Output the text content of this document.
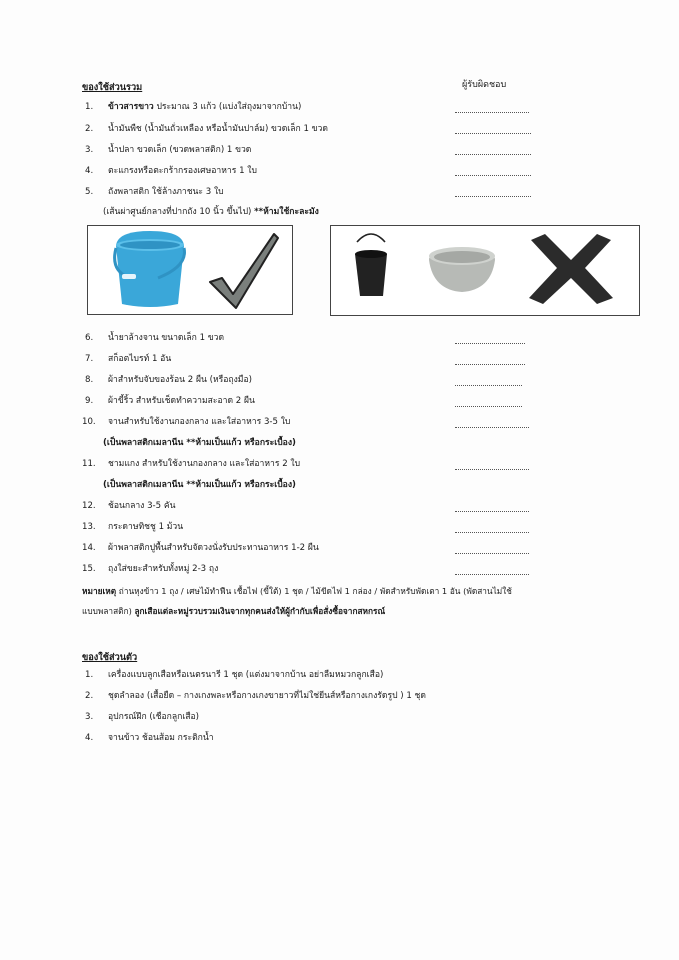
ของใช้ส่วนรวม	ผู้รับผิดชอบ
1.	ข้าวสารขาว ประมาณ 3 แก้ว (แบ่งใส่ถุงมาจากบ้าน)
2.	น้ำมันพืช (น้ำมันถั่วเหลือง หรือน้ำมันปาล์ม) ขวดเล็ก 1 ขวด
3.	น้ำปลา ขวดเล็ก (ขวดพลาสติก) 1 ขวด
4.	ตะแกรงหรือตะกร้ากรองเศษอาหาร 1 ใบ
5.	ถังพลาสติก ใช้ล้างภาชนะ 3 ใบ
(เส้นผ่าศูนย์กลางที่ปากถัง 10 นิ้ว ขึ้นไป) **ห้ามใช้กะละมัง
6.	น้ำยาล้างจาน ขนาดเล็ก 1 ขวด
7.	สก็อตไบรท์ 1 อัน
8.	ผ้าสำหรับจับของร้อน 2 ผืน (หรือถุงมือ)
9.	ผ้าขี้ริ้ว สำหรับเช็ดทำความสะอาด 2 ผืน
10.	จานสำหรับใช้งานกองกลาง และใส่อาหาร 3-5 ใบ
(เป็นพลาสติกเมลานีน **ห้ามเป็นแก้ว หรือกระเบื้อง)
11.	ชามแกง สำหรับใช้งานกองกลาง และใส่อาหาร 2 ใบ
(เป็นพลาสติกเมลานีน **ห้ามเป็นแก้ว หรือกระเบื้อง)
12.	ช้อนกลาง 3-5 คัน
13.	กระดาษทิชชู 1 ม้วน
14.	ผ้าพลาสติกปูพื้นสำหรับจัดวงนั่งรับประทานอาหาร 1-2 ผืน
15.	ถุงใส่ขยะสำหรับทั้งหมู่ 2-3 ถุง
หมายเหตุ ถ่านหุงข้าว 1 ถุง / เศษไม้ทำฟืน เชื้อไฟ (ขี้ใต้) 1 ชุด / ไม้ขีดไฟ 1 กล่อง / พัดสำหรับพัดเตา 1 อัน (พัดสานไม่ใช้
แบบพลาสติก) ลูกเสือแต่ละหมู่รวบรวมเงินจากทุกคนส่งให้ผู้กำกับเพื่อสั่งซื้อจากสหกรณ์
ของใช้ส่วนตัว
1.	เครื่องแบบลูกเสือหรือเนตรนารี 1 ชุด (แต่งมาจากบ้าน อย่าลืมหมวกลูกเสือ)
2.	ชุดลำลอง (เสื้อยืด – กางเกงพละหรือกางเกงขายาวที่ไม่ใช่ยีนส์หรือกางเกงรัดรูป ) 1 ชุด
3.	อุปกรณ์ฝึก (เชือกลูกเสือ)
4.	จานข้าว ช้อนส้อม กระติกน้ำ
